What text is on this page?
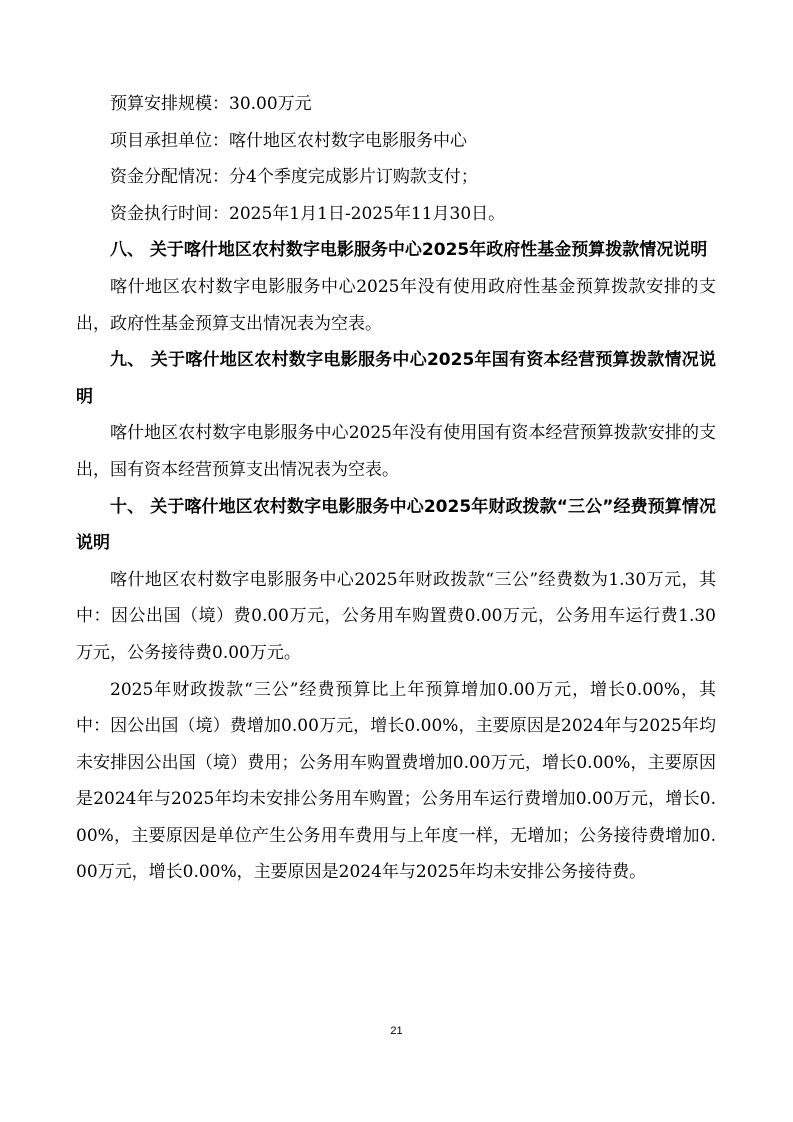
预算安排规模：30.00万元

项目承担单位：喀什地区农村数字电影服务中心

资金分配情况：分4个季度完成影片订购款支付；

资金执行时间：2025年1月1日-2025年11月30日。

八、 关于喀什地区农村数字电影服务中心2025年政府性基金预算拨款情况说明

喀什地区农村数字电影服务中心2025年没有使用政府性基金预算拨款安排的支出，政府性基金预算支出情况表为空表。

九、 关于喀什地区农村数字电影服务中心2025年国有资本经营预算拨款情况说明

喀什地区农村数字电影服务中心2025年没有使用国有资本经营预算拨款安排的支出，国有资本经营预算支出情况表为空表。

十、 关于喀什地区农村数字电影服务中心2025年财政拨款“三公”经费预算情况说明

喀什地区农村数字电影服务中心2025年财政拨款“三公”经费数为1.30万元，其中：因公出国（境）费0.00万元，公务用车购置费0.00万元，公务用车运行费1.30万元，公务接待费0.00万元。

2025年财政拨款“三公”经费预算比上年预算增加0.00万元，增长0.00%，其中：因公出国（境）费增加0.00万元，增长0.00%，主要原因是2024年与2025年均未安排因公出国（境）费用；公务用车购置费增加0.00万元，增长0.00%，主要原因是2024年与2025年均未安排公务用车购置；公务用车运行费增加0.00万元，增长0.00%，主要原因是单位产生公务用车费用与上年度一样，无增加；公务接待费增加0.00万元，增长0.00%，主要原因是2024年与2025年均未安排公务接待费。

21
